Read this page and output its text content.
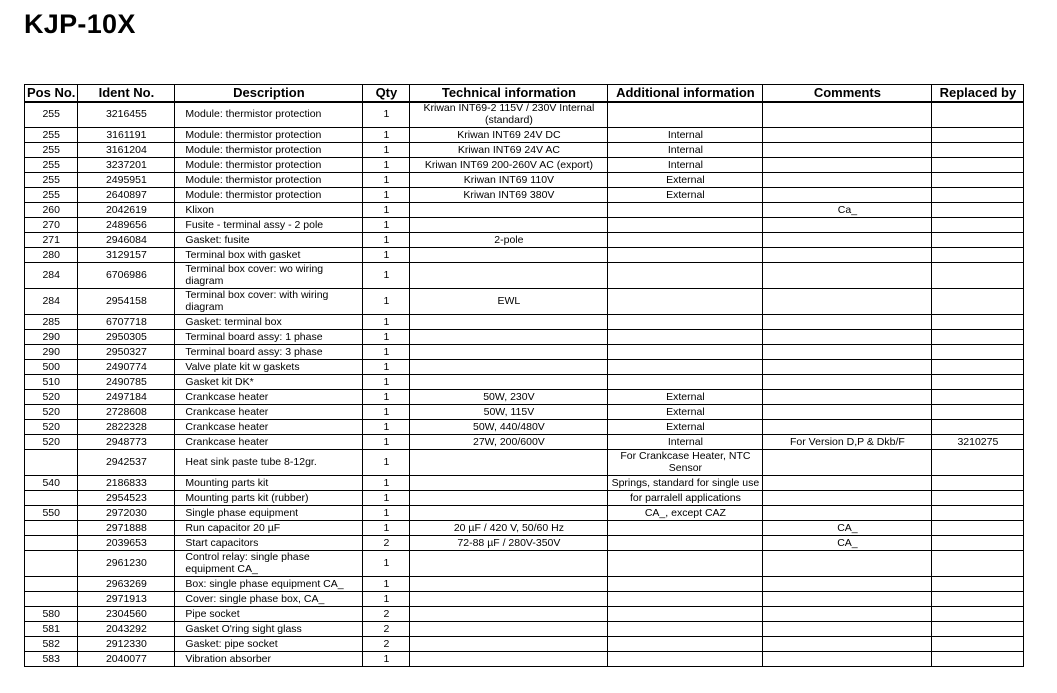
KJP-10X
Pos No.	Ident No.	Description	Qty	Technical information	Additional information	Comments	Replaced by
255	3216455	Module: thermistor protection	1	Kriwan INT69-2 115V / 230V Internal (standard)			
255	3161191	Module: thermistor protection	1	Kriwan INT69 24V DC	Internal		
255	3161204	Module: thermistor protection	1	Kriwan INT69 24V AC	Internal		
255	3237201	Module: thermistor protection	1	Kriwan INT69 200-260V AC (export)	Internal		
255	2495951	Module: thermistor protection	1	Kriwan INT69 110V	External		
255	2640897	Module: thermistor protection	1	Kriwan INT69 380V	External		
260	2042619	Klixon	1			Ca_	
270	2489656	Fusite - terminal assy - 2 pole	1				
271	2946084	Gasket: fusite	1	2-pole			
280	3129157	Terminal box with gasket	1				
284	6706986	Terminal box cover: wo wiring diagram	1				
284	2954158	Terminal box cover: with wiring diagram	1	EWL			
285	6707718	Gasket: terminal box	1				
290	2950305	Terminal board assy: 1 phase	1				
290	2950327	Terminal board assy: 3 phase	1				
500	2490774	Valve plate kit w gaskets	1				
510	2490785	Gasket kit DK*	1				
520	2497184	Crankcase heater	1	50W, 230V	External		
520	2728608	Crankcase heater	1	50W, 115V	External		
520	2822328	Crankcase heater	1	50W, 440/480V	External		
520	2948773	Crankcase heater	1	27W, 200/600V	Internal	For Version D,P & Dkb/F	3210275
	2942537	Heat sink paste tube 8-12gr.	1		For Crankcase Heater, NTC Sensor		
540	2186833	Mounting parts kit	1		Springs, standard for single use		
	2954523	Mounting parts kit (rubber)	1		for parralell applications		
550	2972030	Single phase equipment	1		CA_, except CAZ		
	2971888	Run capacitor 20 µF	1	20 µF / 420 V, 50/60 Hz		CA_	
	2039653	Start capacitors	2	72-88 µF / 280V-350V		CA_	
	2961230	Control relay: single phase equipment CA_	1				
	2963269	Box: single phase equipment CA_	1				
	2971913	Cover: single phase box, CA_	1				
580	2304560	Pipe socket	2				
581	2043292	Gasket O'ring sight glass	2				
582	2912330	Gasket: pipe socket	2				
583	2040077	Vibration absorber	1				
